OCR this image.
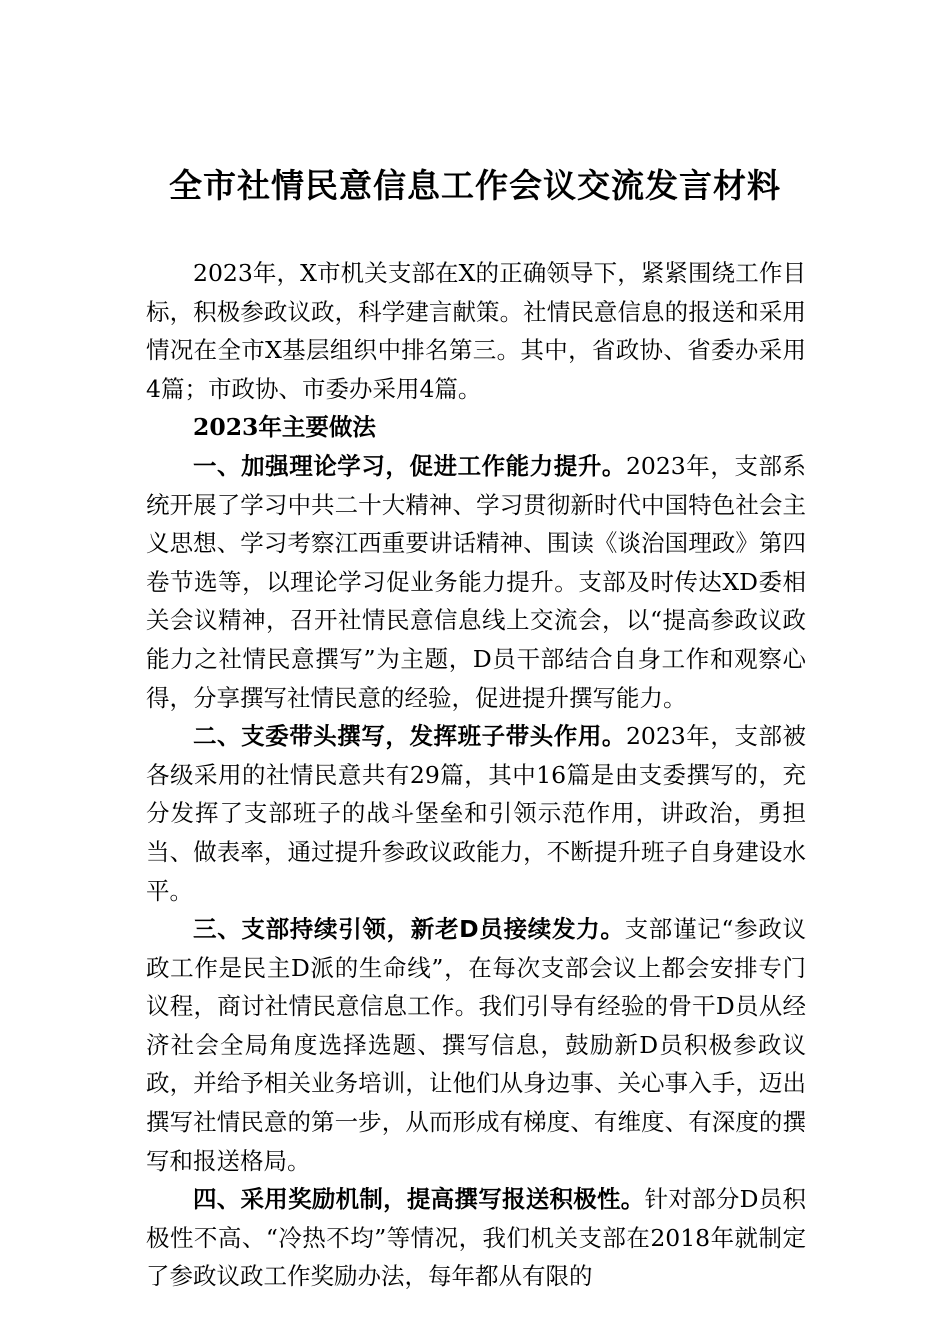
全市社情民意信息工作会议交流发言材料

2023年，X市机关支部在X的正确领导下，紧紧围绕工作目标，积极参政议政，科学建言献策。社情民意信息的报送和采用情况在全市X基层组织中排名第三。其中，省政协、省委办采用4篇；市政协、市委办采用4篇。

2023年主要做法

一、加强理论学习，促进工作能力提升。2023年，支部系统开展了学习中共二十大精神、学习贯彻新时代中国特色社会主义思想、学习考察江西重要讲话精神、围读《谈治国理政》第四卷节选等，以理论学习促业务能力提升。支部及时传达XD委相关会议精神，召开社情民意信息线上交流会，以“提高参政议政能力之社情民意撰写”为主题，D员干部结合自身工作和观察心得，分享撰写社情民意的经验，促进提升撰写能力。

二、支委带头撰写，发挥班子带头作用。2023年，支部被各级采用的社情民意共有29篇，其中16篇是由支委撰写的，充分发挥了支部班子的战斗堡垒和引领示范作用，讲政治，勇担当、做表率，通过提升参政议政能力，不断提升班子自身建设水平。

三、支部持续引领，新老D员接续发力。支部谨记“参政议政工作是民主D派的生命线”，在每次支部会议上都会安排专门议程，商讨社情民意信息工作。我们引导有经验的骨干D员从经济社会全局角度选择选题、撰写信息，鼓励新D员积极参政议政，并给予相关业务培训，让他们从身边事、关心事入手，迈出撰写社情民意的第一步，从而形成有梯度、有维度、有深度的撰写和报送格局。

四、采用奖励机制，提高撰写报送积极性。针对部分D员积极性不高、“冷热不均”等情况，我们机关支部在2018年就制定了参政议政工作奖励办法，每年都从有限的
